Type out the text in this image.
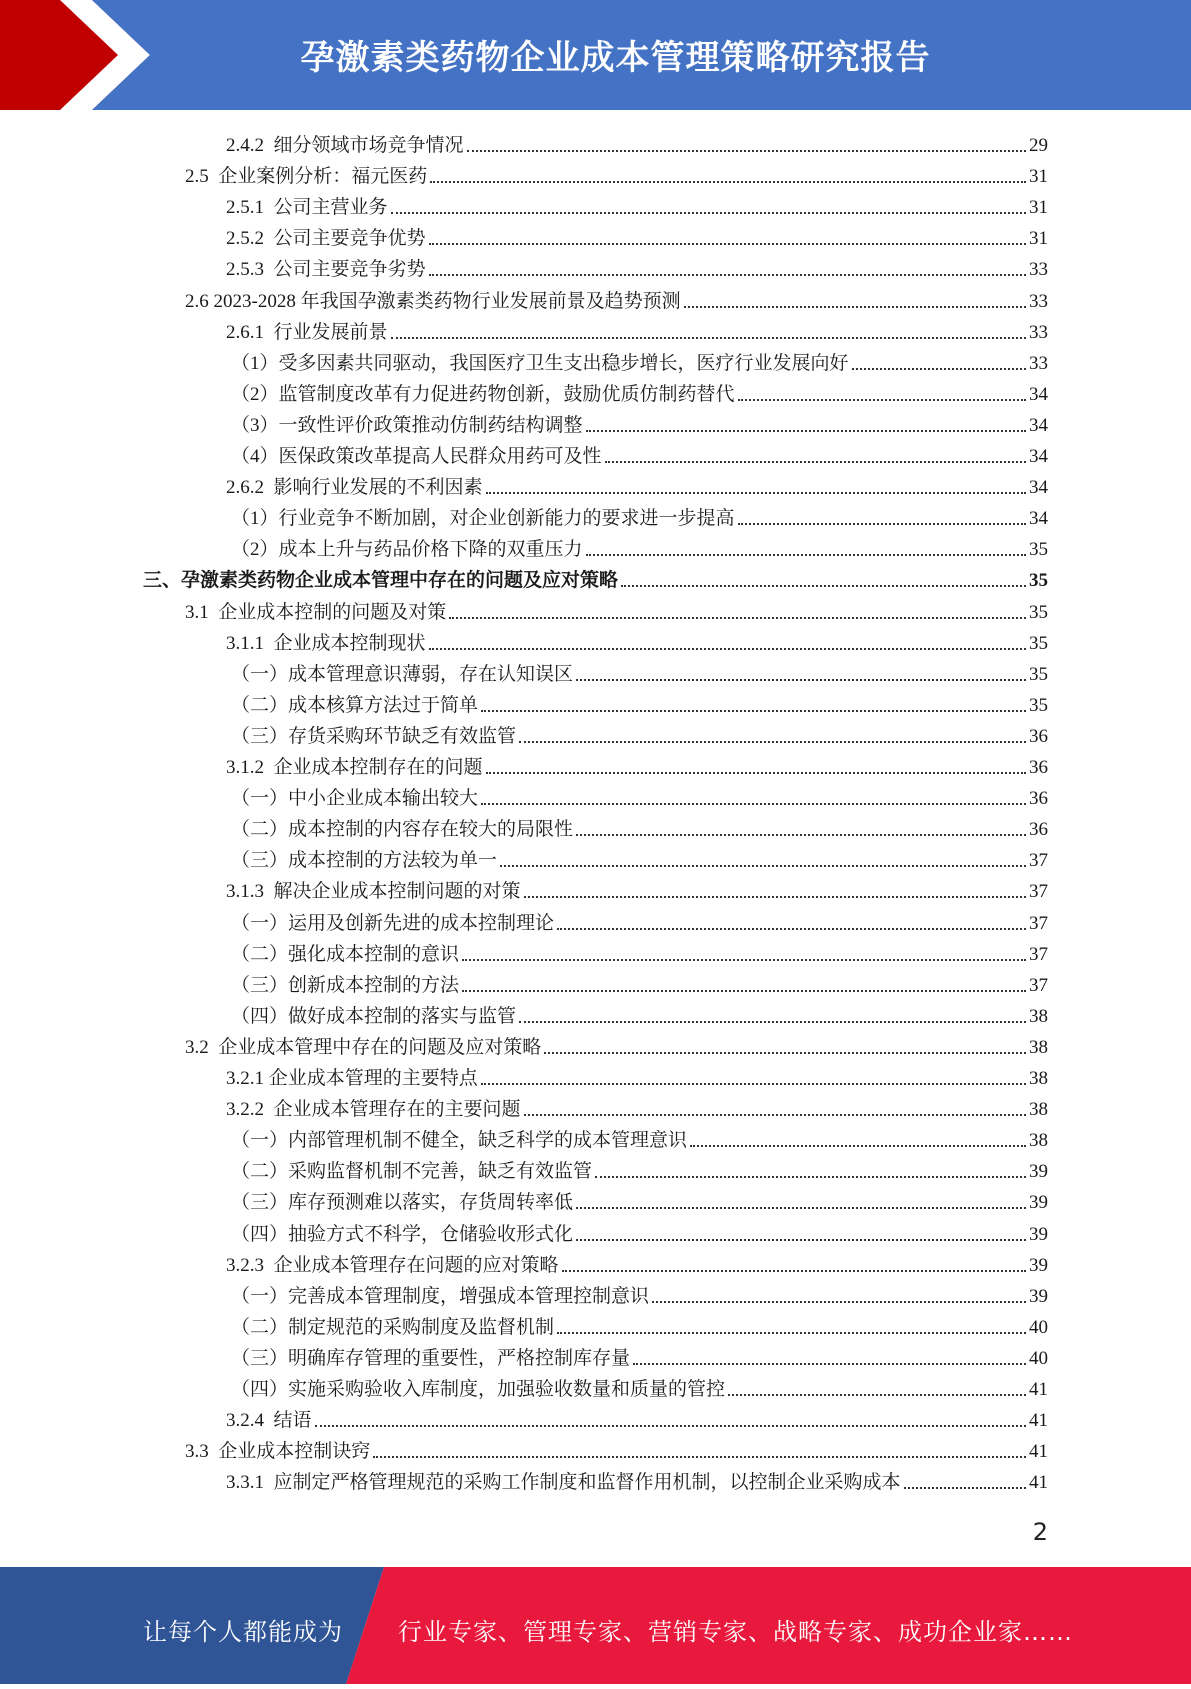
孕激素类药物企业成本管理策略研究报告
2.4.2  细分领域市场竞争情况	29
2.5  企业案例分析：福元医药	31
2.5.1  公司主营业务	31
2.5.2  公司主要竞争优势	31
2.5.3  公司主要竞争劣势	33
2.6 2023-2028 年我国孕激素类药物行业发展前景及趋势预测	33
2.6.1  行业发展前景	33
（1）受多因素共同驱动，我国医疗卫生支出稳步增长，医疗行业发展向好	33
（2）监管制度改革有力促进药物创新，鼓励优质仿制药替代	34
（3）一致性评价政策推动仿制药结构调整	34
（4）医保政策改革提高人民群众用药可及性	34
2.6.2  影响行业发展的不利因素	34
（1）行业竞争不断加剧，对企业创新能力的要求进一步提高	34
（2）成本上升与药品价格下降的双重压力	35
三、孕激素类药物企业成本管理中存在的问题及应对策略	35
3.1  企业成本控制的问题及对策	35
3.1.1  企业成本控制现状	35
（一）成本管理意识薄弱，存在认知误区	35
（二）成本核算方法过于简单	35
（三）存货采购环节缺乏有效监管	36
3.1.2  企业成本控制存在的问题	36
（一）中小企业成本输出较大	36
（二）成本控制的内容存在较大的局限性	36
（三）成本控制的方法较为单一	37
3.1.3  解决企业成本控制问题的对策	37
（一）运用及创新先进的成本控制理论	37
（二）强化成本控制的意识	37
（三）创新成本控制的方法	37
（四）做好成本控制的落实与监管	38
3.2  企业成本管理中存在的问题及应对策略	38
3.2.1 企业成本管理的主要特点	38
3.2.2  企业成本管理存在的主要问题	38
（一）内部管理机制不健全，缺乏科学的成本管理意识	38
（二）采购监督机制不完善，缺乏有效监管	39
（三）库存预测难以落实，存货周转率低	39
（四）抽验方式不科学，仓储验收形式化	39
3.2.3  企业成本管理存在问题的应对策略	39
（一）完善成本管理制度，增强成本管理控制意识	39
（二）制定规范的采购制度及监督机制	40
（三）明确库存管理的重要性，严格控制库存量	40
（四）实施采购验收入库制度，加强验收数量和质量的管控	41
3.2.4  结语	41
3.3  企业成本控制诀窍	41
3.3.1  应制定严格管理规范的采购工作制度和监督作用机制，以控制企业采购成本	41
2
让每个人都能成为 行业专家、管理专家、营销专家、战略专家、成功企业家……
